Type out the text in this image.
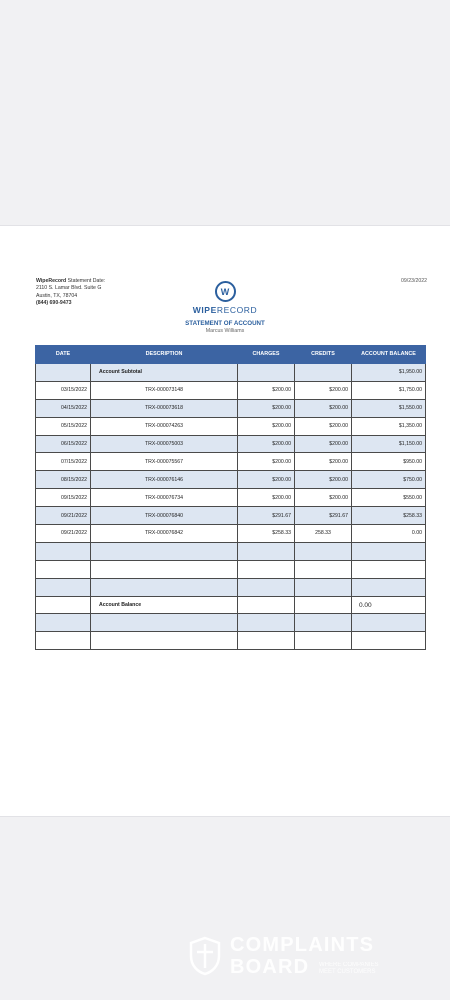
WipeRecord Statement Date:
2110 S. Lamar Blvd. Suite G
Austin, TX, 78704
(844) 690-9473
09/23/2022
W
WIPERECORD
STATEMENT OF ACCOUNT
Marcus Williams
DATE	DESCRIPTION	CHARGES	CREDITS	ACCOUNT BALANCE
	Account Subtotal			$1,950.00
03/15/2022	TRX-000073148	$200.00	$200.00	$1,750.00
04/15/2022	TRX-000073618	$200.00	$200.00	$1,550.00
05/15/2022	TRX-000074263	$200.00	$200.00	$1,350.00
06/15/2022	TRX-000075003	$200.00	$200.00	$1,150.00
07/15/2022	TRX-000075567	$200.00	$200.00	$950.00
08/15/2022	TRX-000076146	$200.00	$200.00	$750.00
09/15/2022	TRX-000076734	$200.00	$200.00	$550.00
09/21/2022	TRX-000076840	$291.67	$291.67	$258.33
09/21/2022	TRX-000076842	$258.33	258.33	0.00

	Account Balance			0.00

COMPLAINTS
BOARD WHERE COMPANIES
MEET CUSTOMERS
